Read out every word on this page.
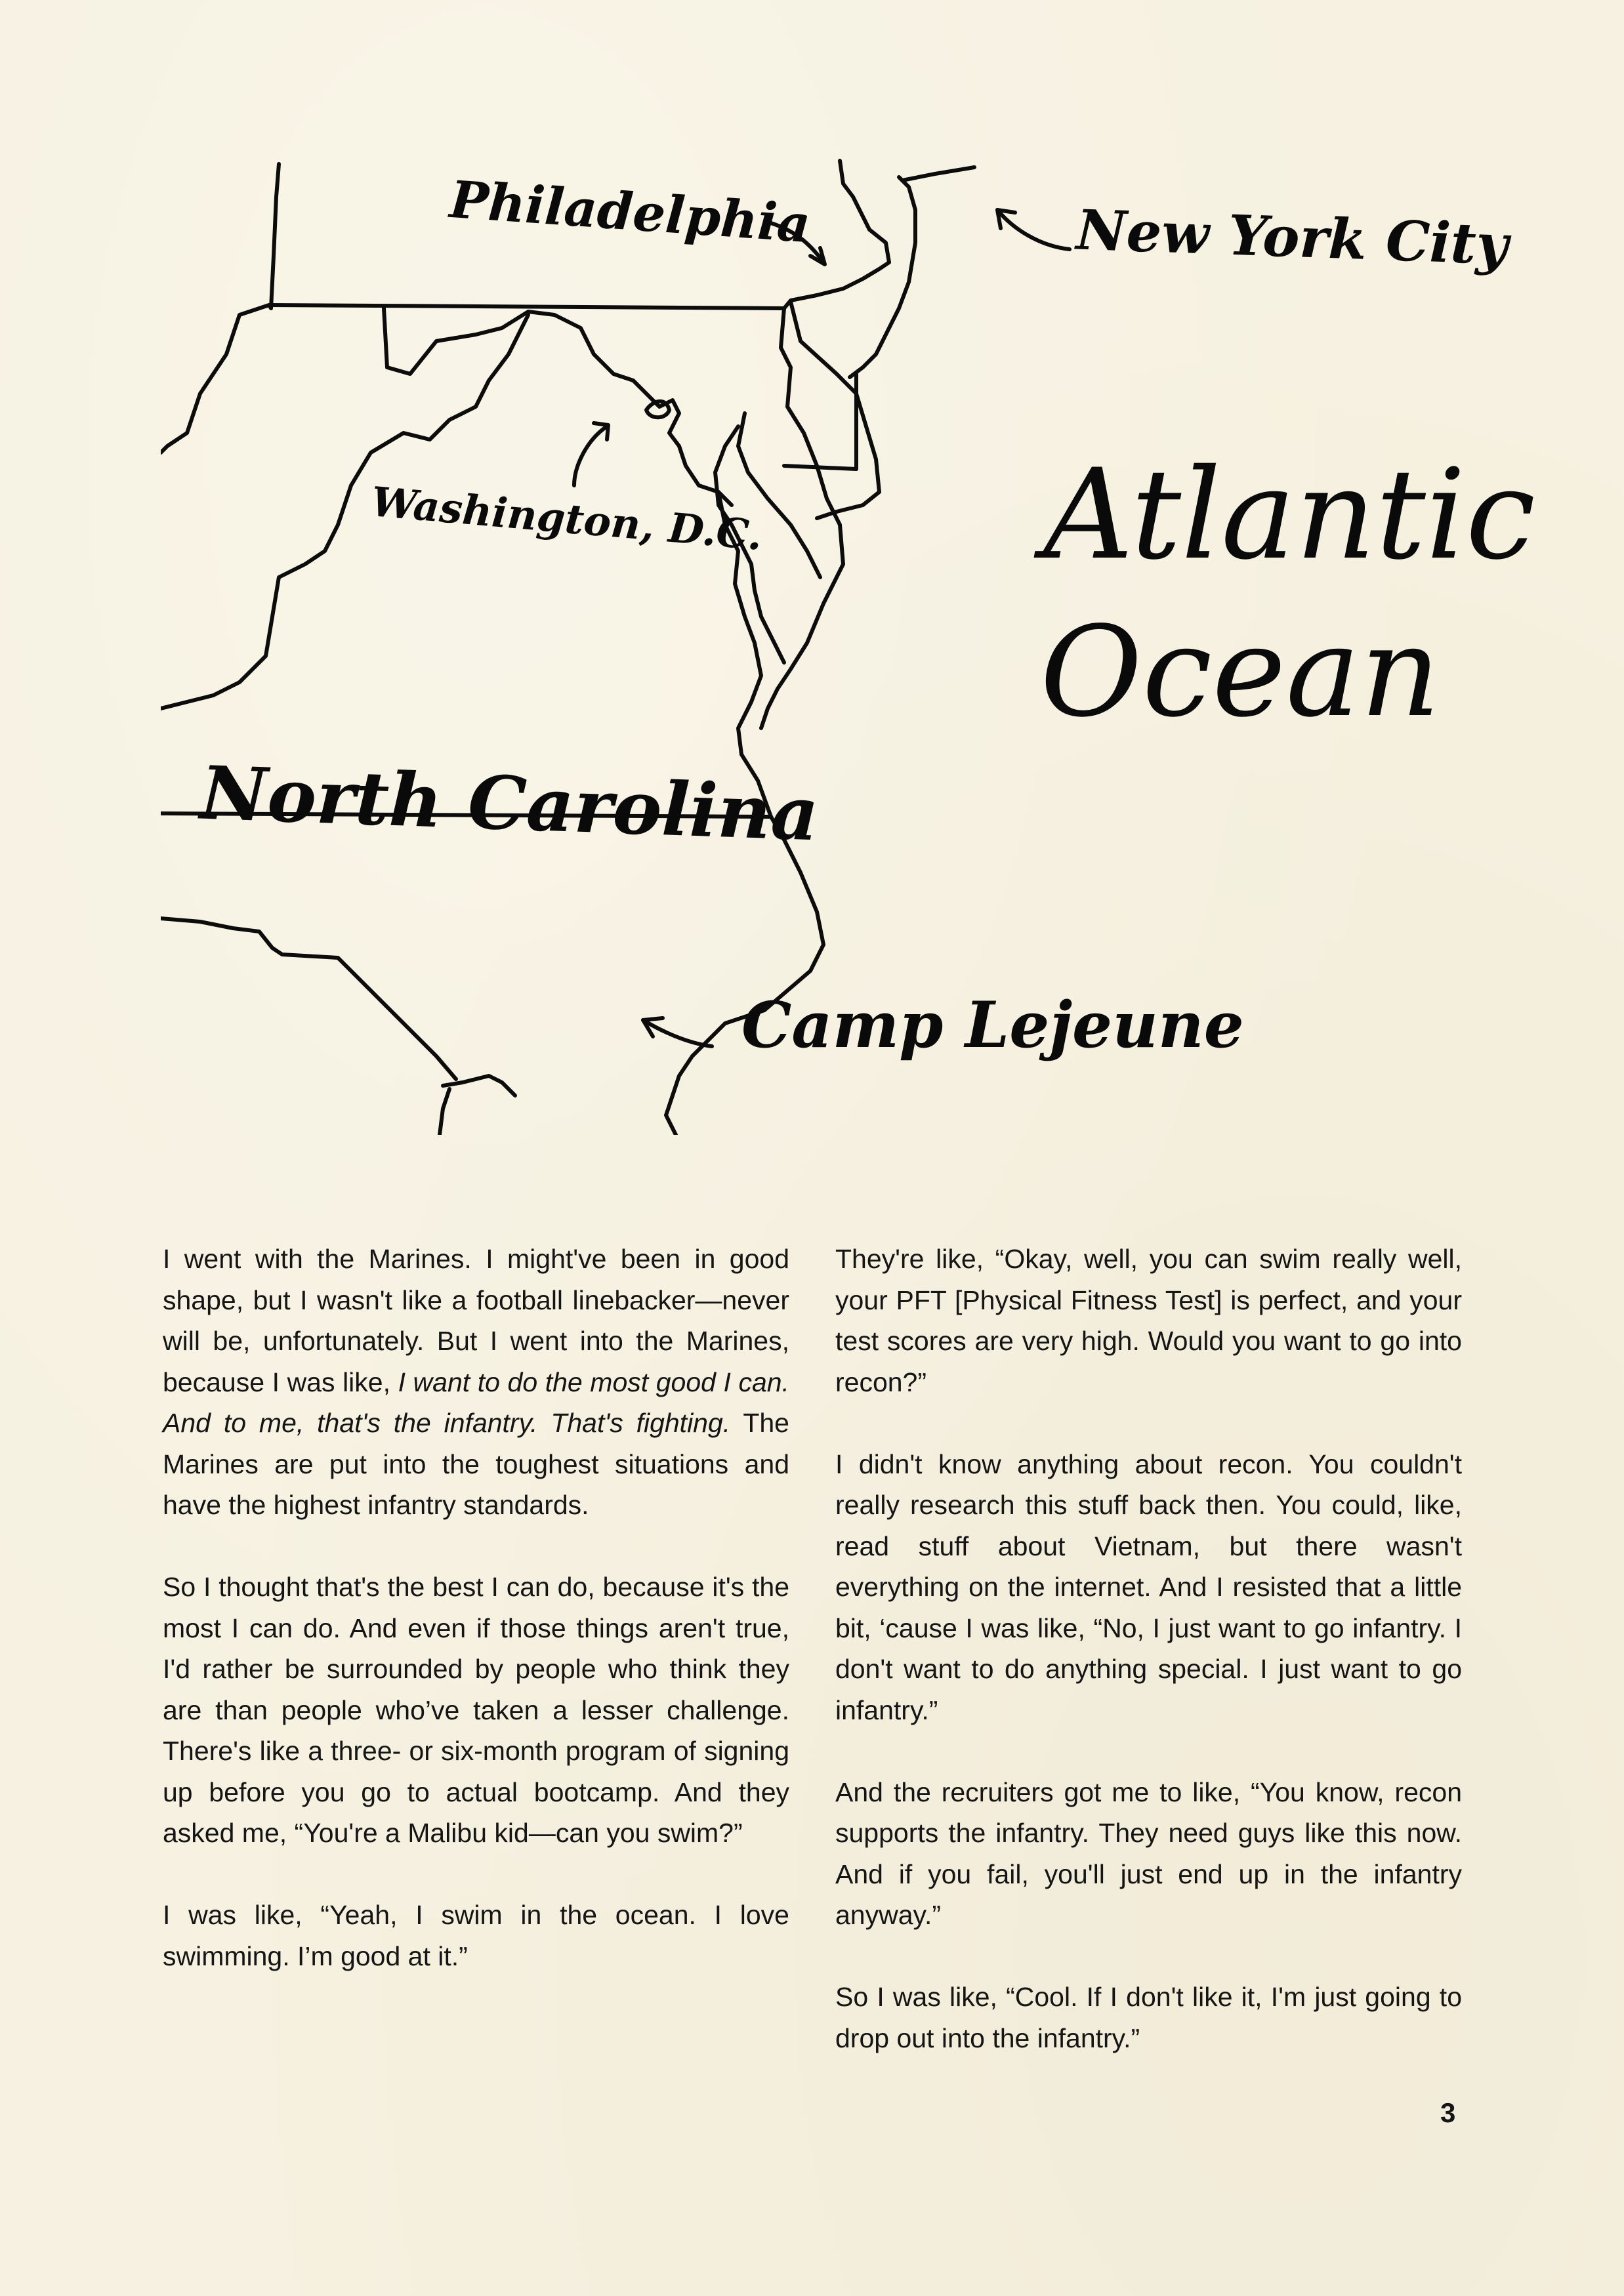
Philadelphia	New York City
Washington, D.C. Atlantic
Ocean
North Carolina
Camp Lejeune

I went with the Marines. I might've been in good shape, but I wasn't like a football linebacker—never will be, unfortunately. But I went into the Marines, because I was like, I want to do the most good I can. And to me, that's the infantry. That's fighting. The Marines are put into the toughest situations and have the highest infantry standards.

So I thought that's the best I can do, because it's the most I can do. And even if those things aren't true, I'd rather be surrounded by people who think they are than people who’ve taken a lesser challenge. There's like a three- or six-month program of signing up before you go to actual bootcamp. And they asked me, “You're a Malibu kid—can you swim?”

I was like, “Yeah, I swim in the ocean. I love swimming. I’m good at it.”

They're like, “Okay, well, you can swim really well, your PFT [Physical Fitness Test] is perfect, and your test scores are very high. Would you want to go into recon?”

I didn't know anything about recon. You couldn't really research this stuff back then. You could, like, read stuff about Vietnam, but there wasn't everything on the internet. And I resisted that a little bit, ‘cause I was like, “No, I just want to go infantry. I don't want to do anything special. I just want to go infantry.”

And the recruiters got me to like, “You know, recon supports the infantry. They need guys like this now. And if you fail, you'll just end up in the infantry anyway.”

So I was like, “Cool. If I don't like it, I'm just going to drop out into the infantry.”

3
